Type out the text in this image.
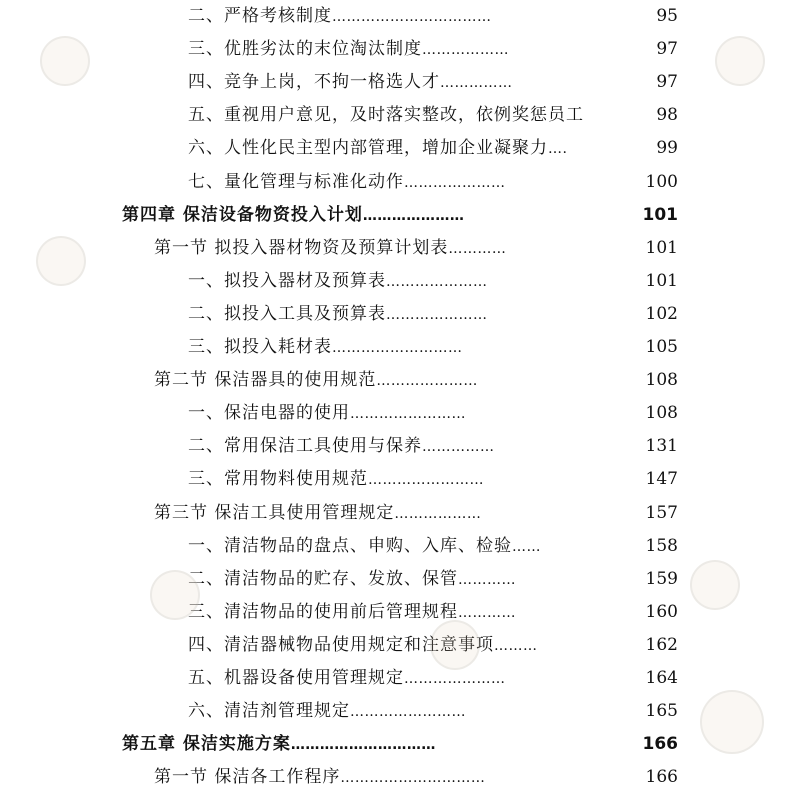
二、严格考核制度……………………………	95
三、优胜劣汰的末位淘汰制度………………	97
四、竞争上岗，不拘一格选人才……………	97
五、重视用户意见，及时落实整改，依例奖惩员工	98
六、人性化民主型内部管理，增加企业凝聚力….	99
七、量化管理与标准化动作…………………	100
第四章 保洁设备物资投入计划…………………	101
第一节 拟投入器材物资及预算计划表…………	101
一、拟投入器材及预算表…………………	101
二、拟投入工具及预算表…………………	102
三、拟投入耗材表………………………	105
第二节 保洁器具的使用规范…………………	108
一、保洁电器的使用……………………	108
二、常用保洁工具使用与保养……………	131
三、常用物料使用规范……………………	147
第三节 保洁工具使用管理规定………………	157
一、清洁物品的盘点、申购、入库、检验……	158
二、清洁物品的贮存、发放、保管…………	159
三、清洁物品的使用前后管理规程…………	160
四、清洁器械物品使用规定和注意事项………	162
五、机器设备使用管理规定…………………	164
六、清洁剂管理规定……………………	165
第五章 保洁实施方案…………………………	166
第一节 保洁各工作程序…………………………	166
